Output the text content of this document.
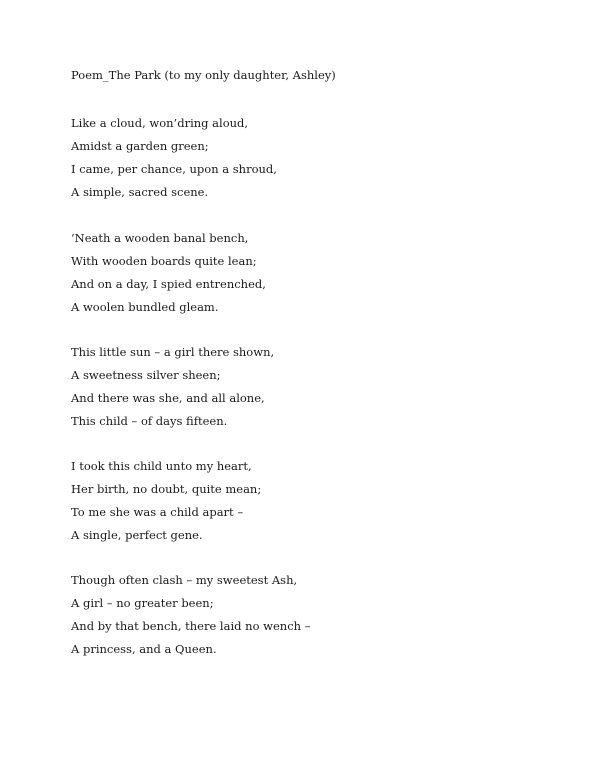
Poem_The Park (to my only daughter, Ashley)
Like a cloud, won’dring aloud,
Amidst a garden green;
I came, per chance, upon a shroud,
A simple, sacred scene.
‘Neath a wooden banal bench,
With wooden boards quite lean;
And on a day, I spied entrenched,
A woolen bundled gleam.
This little sun – a girl there shown,
A sweetness silver sheen;
And there was she, and all alone,
This child – of days fifteen.
I took this child unto my heart,
Her birth, no doubt, quite mean;
To me she was a child apart –
A single, perfect gene.
Though often clash – my sweetest Ash,
A girl – no greater been;
And by that bench, there laid no wench –
A princess, and a Queen.
